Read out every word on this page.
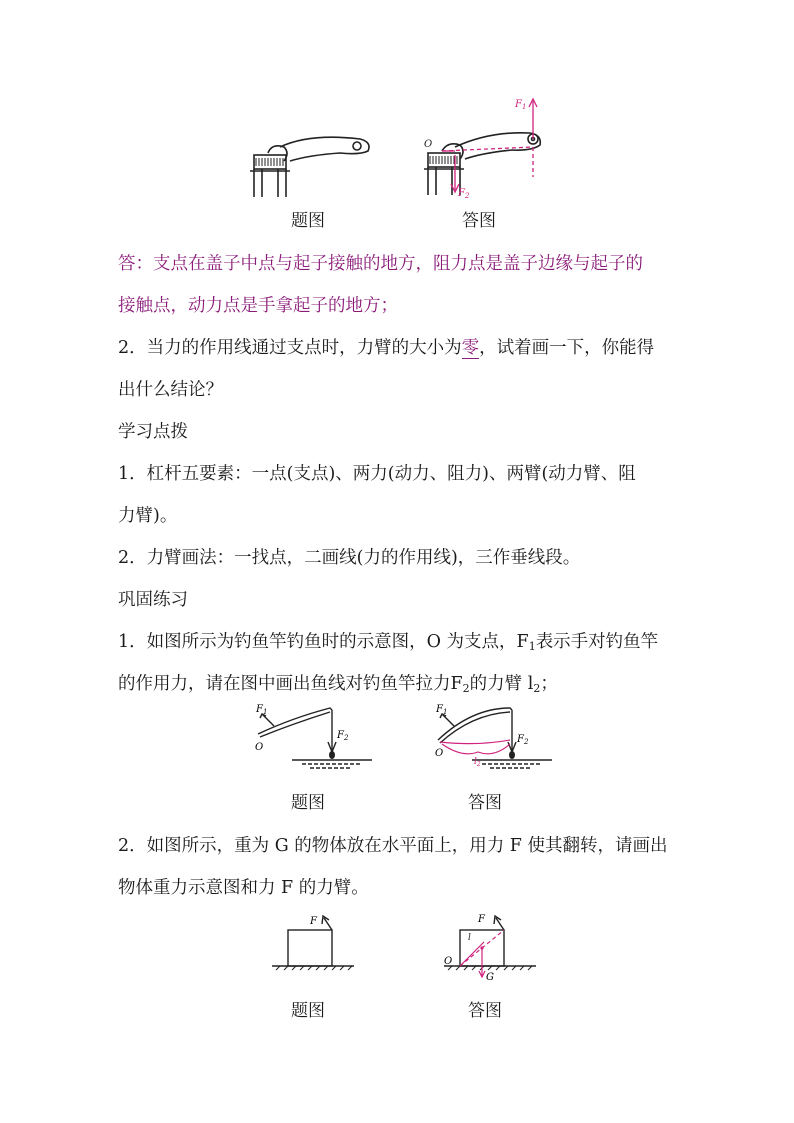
$F_1$
$F_2$
O
题图	答图
答：支点在盖子中点与起子接触的地方，阻力点是盖子边缘与起子的
接触点，动力点是手拿起子的地方；
2．当力的作用线通过支点时，力臂的大小为零，试着画一下，你能得
出什么结论？
学习点拨
1．杠杆五要素：一点(支点)、两力(动力、阻力)、两臂(动力臂、阻
力臂)。
2．力臂画法：一找点，二画线(力的作用线)，三作垂线段。
巩固练习
1．如图所示为钓鱼竿钓鱼时的示意图，O 为支点，$F_1$表示手对钓鱼竿
的作用力，请在图中画出鱼线对钓鱼竿拉力$F_2$的力臂 $l_2$；
$F_1$
$F_2$
O
$F_1$
$F_2$
O
$l_2$
题图	答图
2．如图所示，重为 G 的物体放在水平面上，用力 F 使其翻转，请画出
物体重力示意图和力 F 的力臂。
F	F
O
l
G
题图	答图
